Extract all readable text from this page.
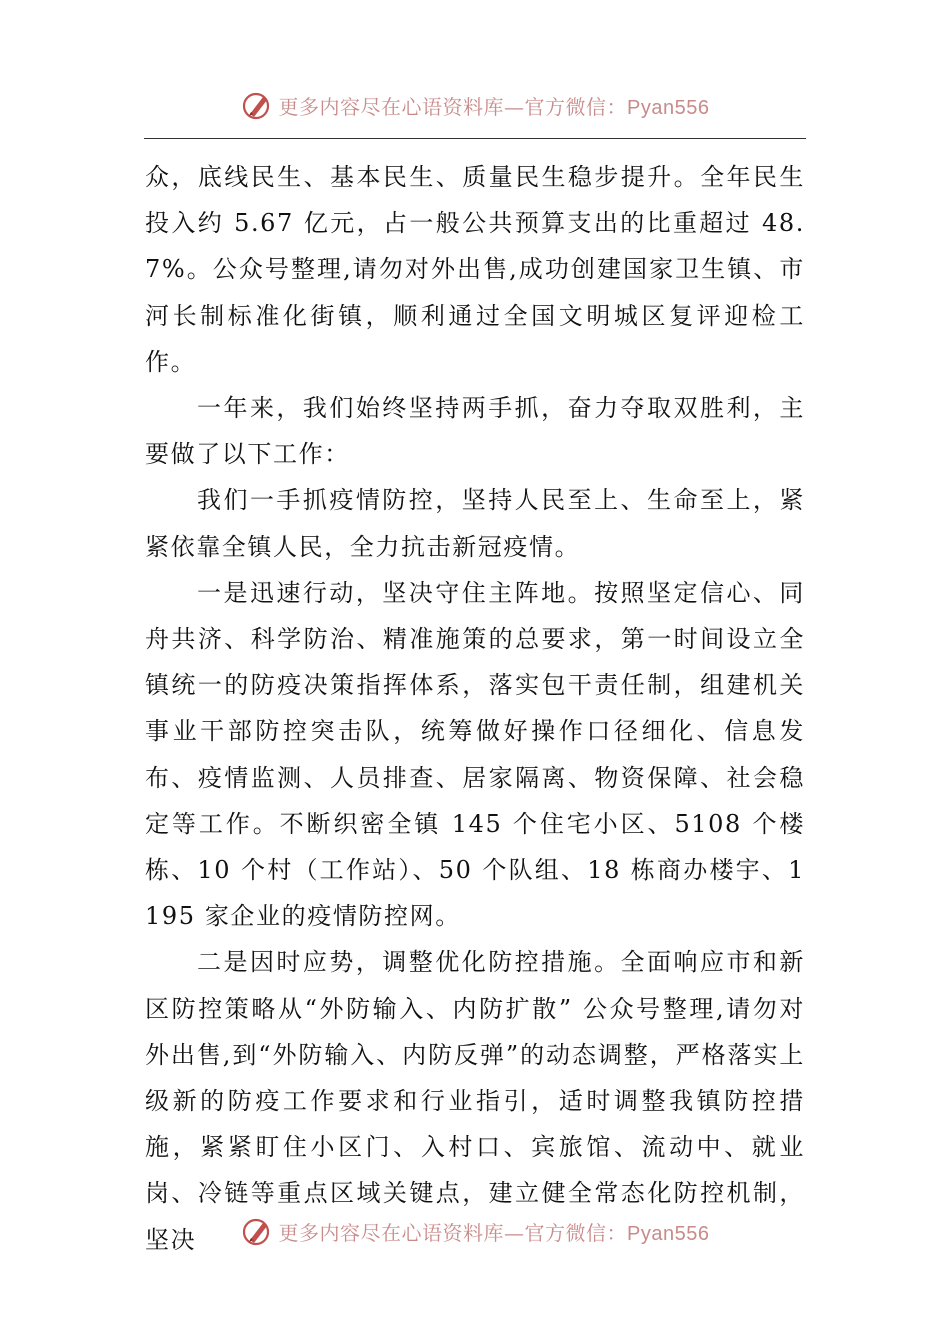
更多内容尽在心语资料库—官方微信：Pyan556

众，底线民生、基本民生、质量民生稳步提升。全年民生投入约 5.67 亿元，占一般公共预算支出的比重超过 48.7%。公众号整理,请勿对外出售,成功创建国家卫生镇、市河长制标准化街镇，顺利通过全国文明城区复评迎检工作。

一年来，我们始终坚持两手抓，奋力夺取双胜利，主要做了以下工作：

我们一手抓疫情防控，坚持人民至上、生命至上，紧紧依靠全镇人民，全力抗击新冠疫情。

一是迅速行动，坚决守住主阵地。按照坚定信心、同舟共济、科学防治、精准施策的总要求，第一时间设立全镇统一的防疫决策指挥体系，落实包干责任制，组建机关事业干部防控突击队，统筹做好操作口径细化、信息发布、疫情监测、人员排查、居家隔离、物资保障、社会稳定等工作。不断织密全镇 145 个住宅小区、5108 个楼栋、10 个村（工作站）、50 个队组、18 栋商办楼宇、1195 家企业的疫情防控网。

二是因时应势，调整优化防控措施。全面响应市和新区防控策略从“外防输入、内防扩散” 公众号整理,请勿对外出售,到“外防输入、内防反弹”的动态调整，严格落实上级新的防疫工作要求和行业指引，适时调整我镇防控措施，紧紧盯住小区门、入村口、宾旅馆、流动中、就业岗、冷链等重点区域关键点，建立健全常态化防控机制，坚决	更多内容尽在心语资料库—官方微信：Pyan556
